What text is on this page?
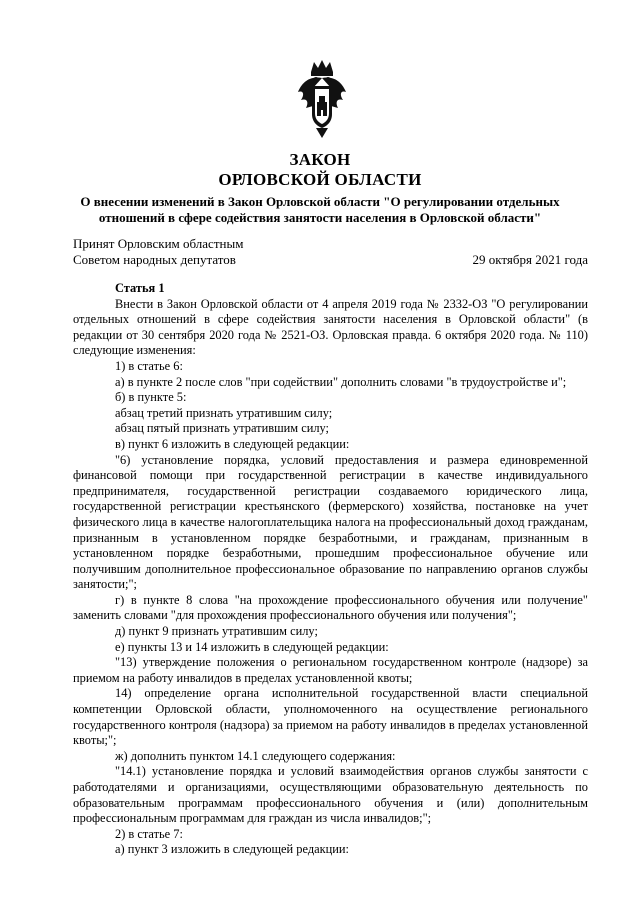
ЗАКОН
ОРЛОВСКОЙ ОБЛАСТИ
О внесении изменений в Закон Орловской области "О регулировании отдельных
отношений в сфере содействия занятости населения в Орловской области"
Принят Орловским областным
Советом народных депутатов	29 октября 2021 года

Статья 1

Внести в Закон Орловской области от 4 апреля 2019 года № 2332-ОЗ "О регулировании отдельных отношений в сфере содействия занятости населения в Орловской области" (в редакции от 30 сентября 2020 года № 2521-ОЗ. Орловская правда. 6 октября 2020 года. № 110) следующие изменения:

1) в статье 6:

а) в пункте 2 после слов "при содействии" дополнить словами "в трудоустройстве и";

б) в пункте 5:

абзац третий признать утратившим силу;

абзац пятый признать утратившим силу;

в) пункт 6 изложить в следующей редакции:

"6) установление порядка, условий предоставления и размера единовременной финансовой помощи при государственной регистрации в качестве индивидуального предпринимателя, государственной регистрации создаваемого юридического лица, государственной регистрации крестьянского (фермерского) хозяйства, постановке на учет физического лица в качестве налогоплательщика налога на профессиональный доход гражданам, признанным в установленном порядке безработными, и гражданам, признанным в установленном порядке безработными, прошедшим профессиональное обучение или получившим дополнительное профессиональное образование по направлению органов службы занятости;";

г) в пункте 8 слова "на прохождение профессионального обучения или получение" заменить словами "для прохождения профессионального обучения или получения";

д) пункт 9 признать утратившим силу;

е) пункты 13 и 14 изложить в следующей редакции:

"13) утверждение положения о региональном государственном контроле (надзоре) за приемом на работу инвалидов в пределах установленной квоты;

14) определение органа исполнительной государственной власти специальной компетенции Орловской области, уполномоченного на осуществление регионального государственного контроля (надзора) за приемом на работу инвалидов в пределах установленной квоты;";

ж) дополнить пунктом 14.1 следующего содержания:

"14.1) установление порядка и условий взаимодействия органов службы занятости с работодателями и организациями, осуществляющими образовательную деятельность по образовательным программам профессионального обучения и (или) дополнительным профессиональным программам для граждан из числа инвалидов;";

2) в статье 7:

а) пункт 3 изложить в следующей редакции:
